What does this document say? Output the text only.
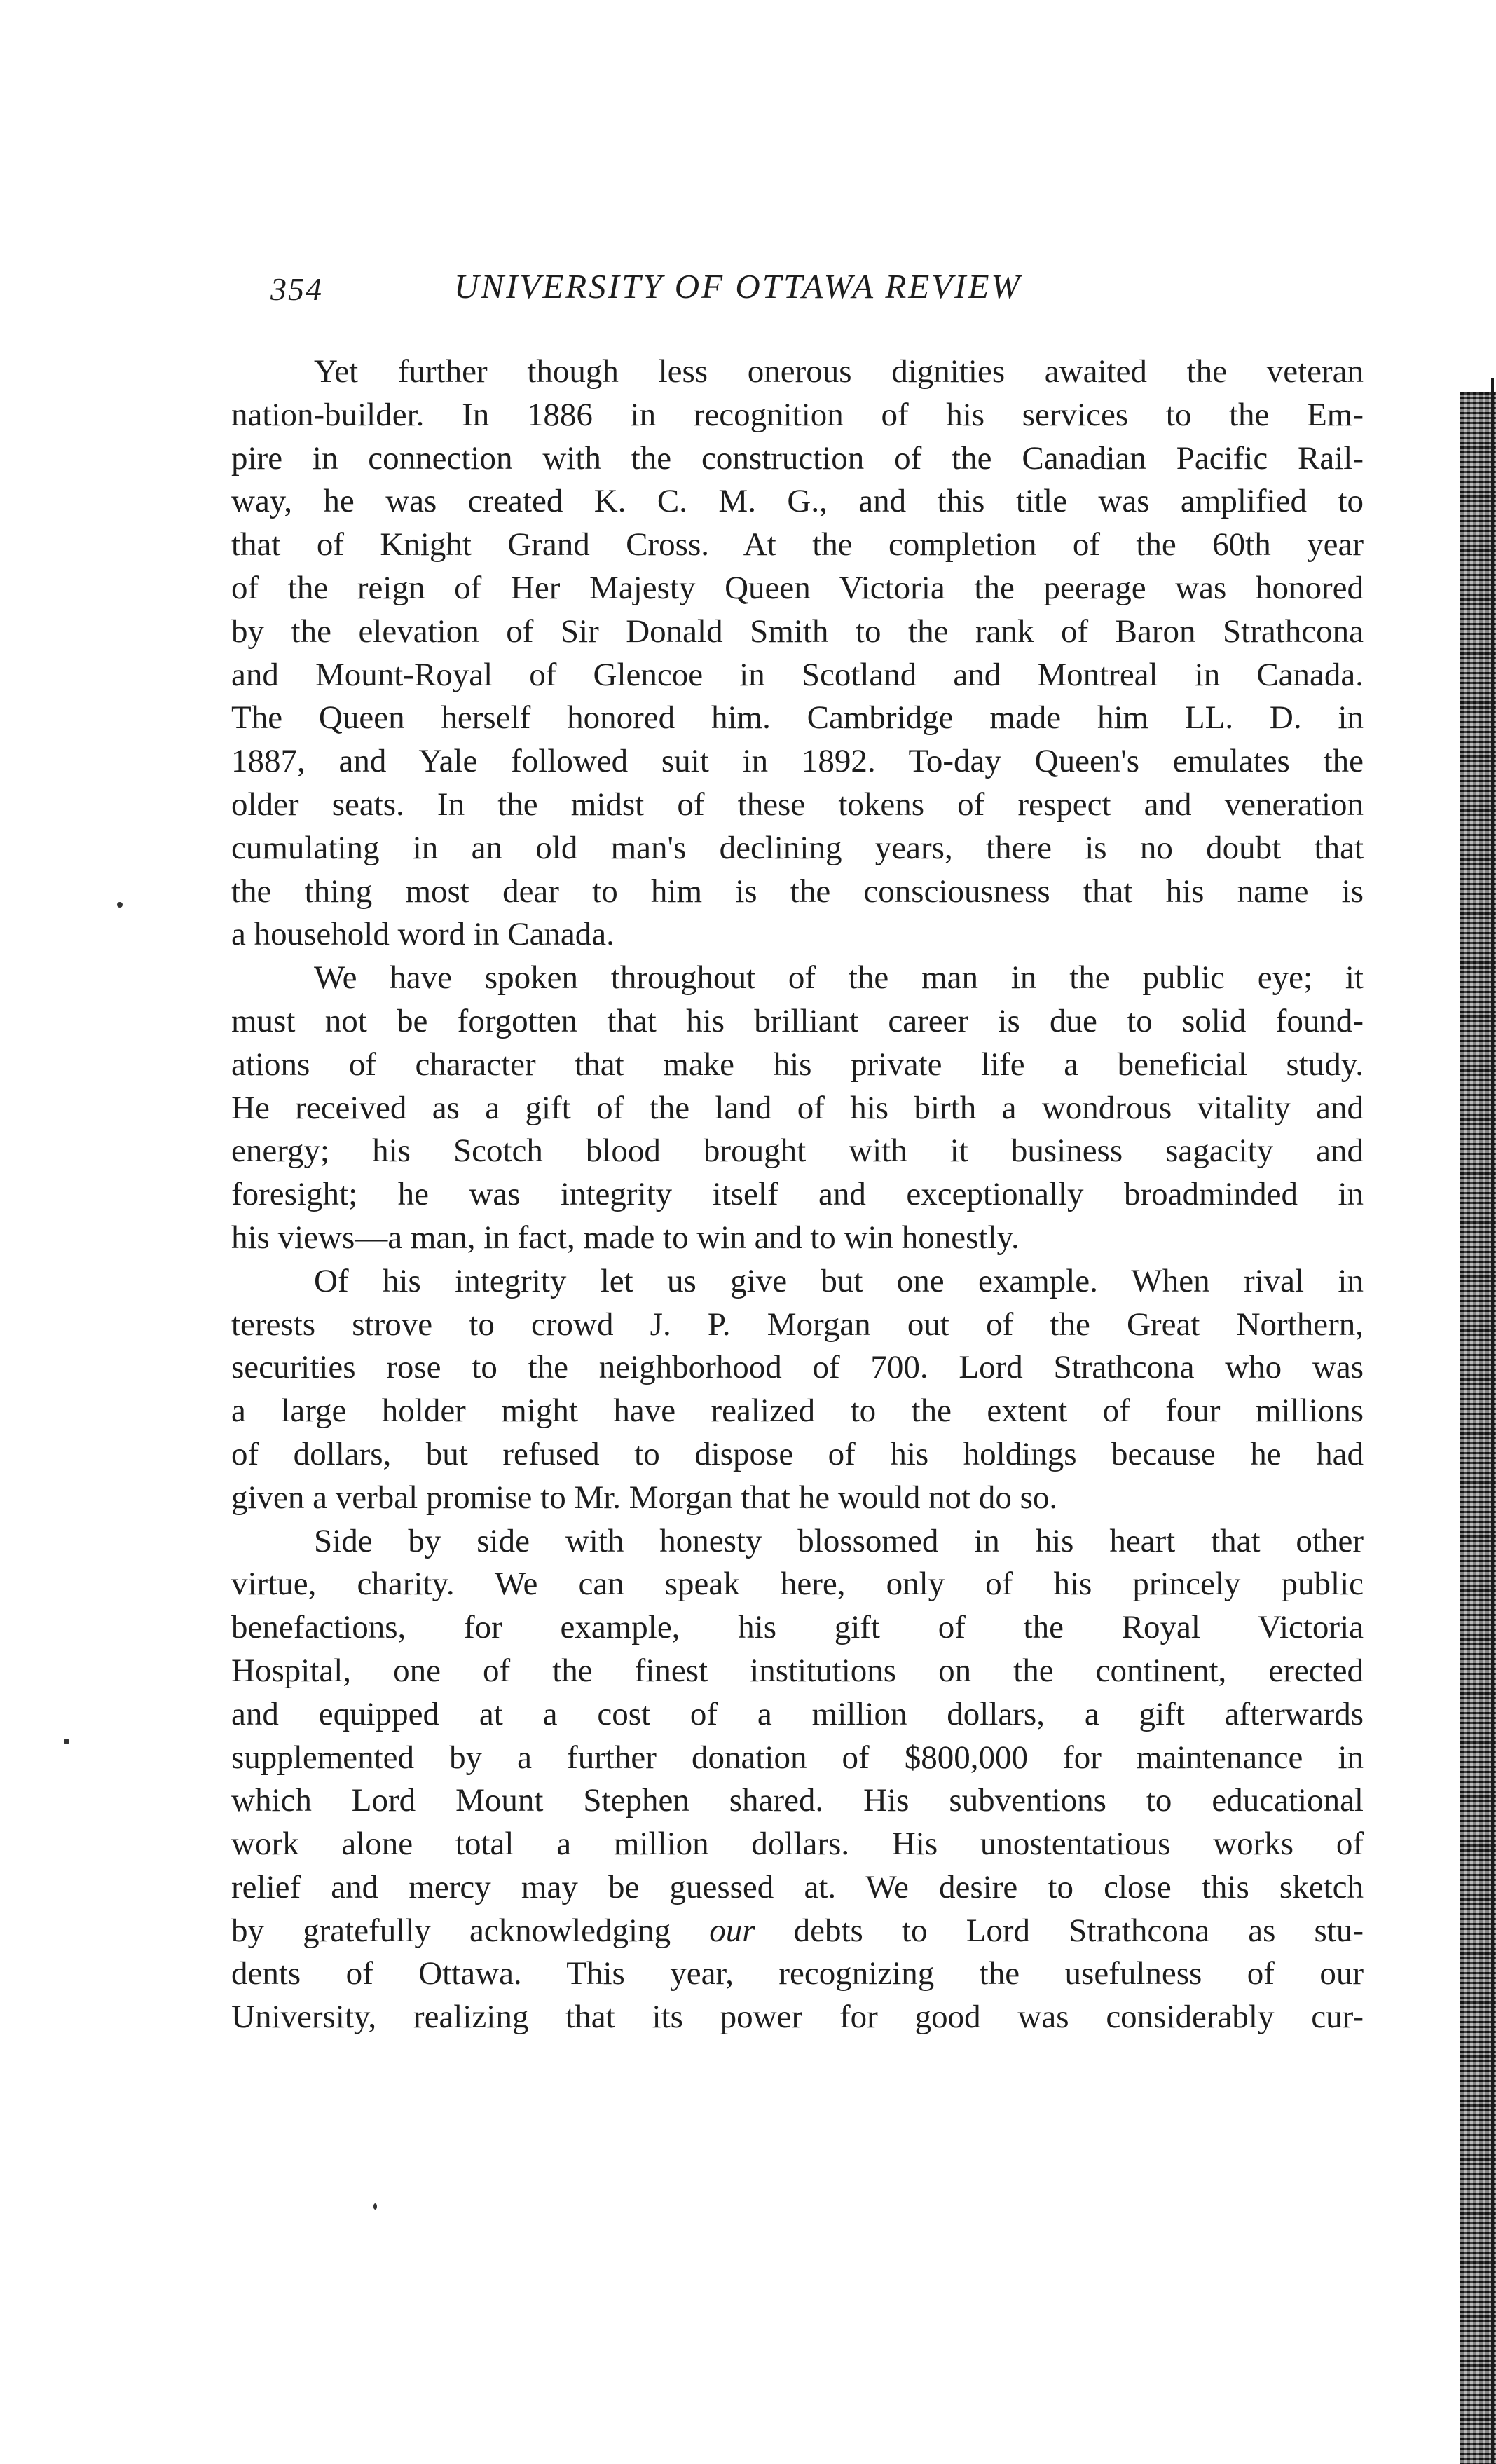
354	UNIVERSITY OF OTTAWA REVIEW
Yet further though less onerous dignities awaited the veteran
nation-builder. In 1886 in recognition of his services to the Em-
pire in connection with the construction of the Canadian Pacific Rail-
way, he was created K. C. M. G., and this title was amplified to
that of Knight Grand Cross. At the completion of the 60th year
of the reign of Her Majesty Queen Victoria the peerage was honored
by the elevation of Sir Donald Smith to the rank of Baron Strathcona
and Mount-Royal of Glencoe in Scotland and Montreal in Canada.
The Queen herself honored him. Cambridge made him LL. D. in
1887, and Yale followed suit in 1892. To-day Queen's emulates the
older seats. In the midst of these tokens of respect and veneration
cumulating in an old man's declining years, there is no doubt that
the thing most dear to him is the consciousness that his name is
a household word in Canada.
We have spoken throughout of the man in the public eye; it
must not be forgotten that his brilliant career is due to solid found-
ations of character that make his private life a beneficial study.
He received as a gift of the land of his birth a wondrous vitality and
energy; his Scotch blood brought with it business sagacity and
foresight; he was integrity itself and exceptionally broadminded in
his views—a man, in fact, made to win and to win honestly.
Of his integrity let us give but one example. When rival in
terests strove to crowd J. P. Morgan out of the Great Northern,
securities rose to the neighborhood of 700. Lord Strathcona who was
a large holder might have realized to the extent of four millions
of dollars, but refused to dispose of his holdings because he had
given a verbal promise to Mr. Morgan that he would not do so.
Side by side with honesty blossomed in his heart that other
virtue, charity. We can speak here, only of his princely public
benefactions, for example, his gift of the Royal Victoria
Hospital, one of the finest institutions on the continent, erected
and equipped at a cost of a million dollars, a gift afterwards
supplemented by a further donation of $800,000 for maintenance in
which Lord Mount Stephen shared. His subventions to educational
work alone total a million dollars. His unostentatious works of
relief and mercy may be guessed at. We desire to close this sketch
by gratefully acknowledging our debts to Lord Strathcona as stu-
dents of Ottawa. This year, recognizing the usefulness of our
University, realizing that its power for good was considerably cur-
